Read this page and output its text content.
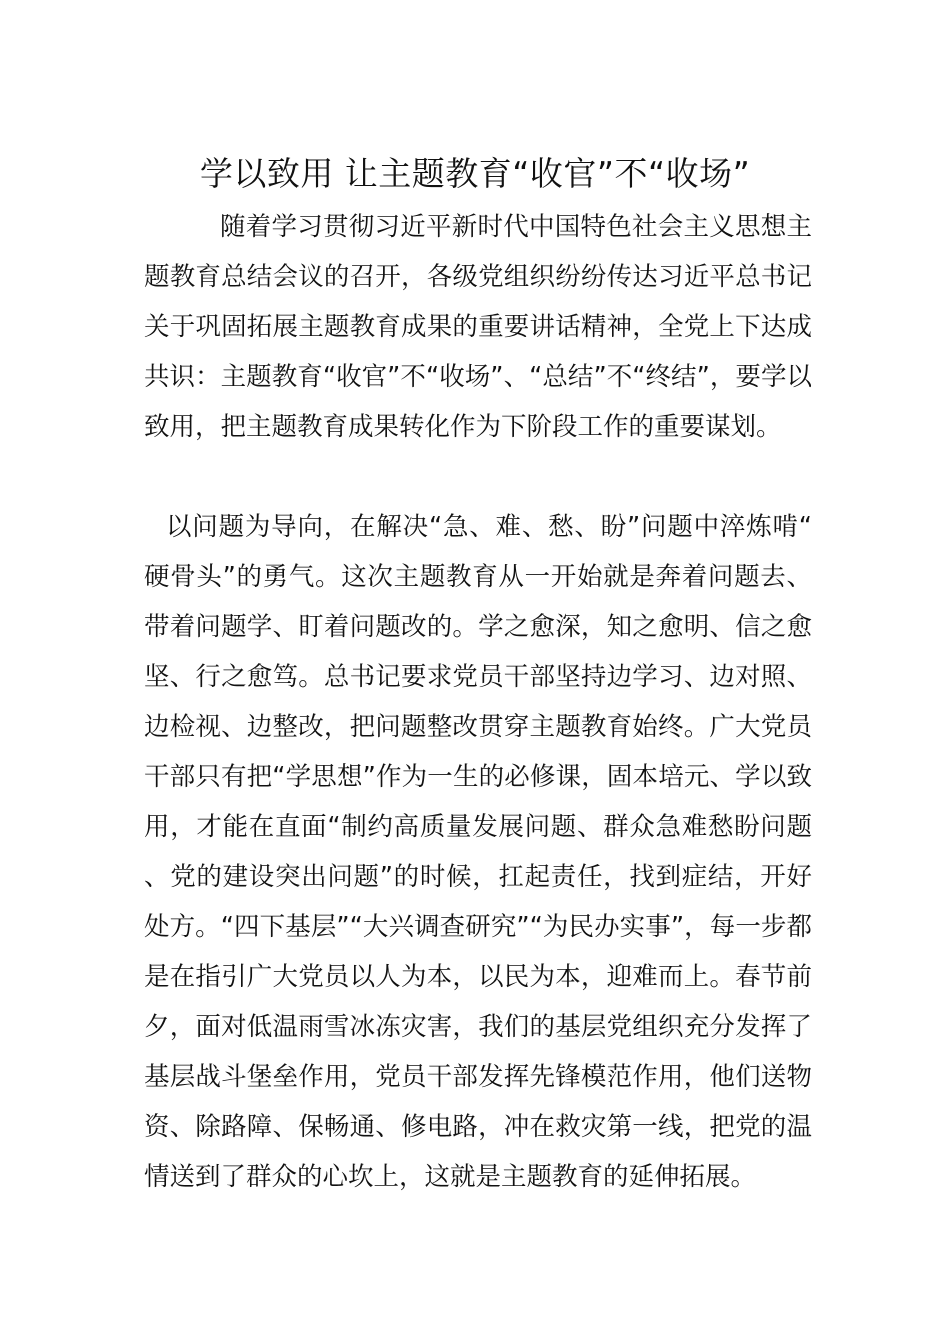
学以致用 让主题教育“收官”不“收场”

随着学习贯彻习近平新时代中国特色社会主义思想主题教育总结会议的召开，各级党组织纷纷传达习近平总书记关于巩固拓展主题教育成果的重要讲话精神，全党上下达成共识：主题教育“收官”不“收场”、“总结”不“终结”，要学以致用，把主题教育成果转化作为下阶段工作的重要谋划。

以问题为导向，在解决“急、难、愁、盼”问题中淬炼啃“硬骨头”的勇气。这次主题教育从一开始就是奔着问题去、带着问题学、盯着问题改的。学之愈深，知之愈明、信之愈坚、行之愈笃。总书记要求党员干部坚持边学习、边对照、边检视、边整改，把问题整改贯穿主题教育始终。广大党员干部只有把“学思想”作为一生的必修课，固本培元、学以致用，才能在直面“制约高质量发展问题、群众急难愁盼问题、党的建设突出问题”的时候，扛起责任，找到症结，开好处方。“四下基层”“大兴调查研究”“为民办实事”，每一步都是在指引广大党员以人为本，以民为本，迎难而上。春节前夕，面对低温雨雪冰冻灾害，我们的基层党组织充分发挥了基层战斗堡垒作用，党员干部发挥先锋模范作用，他们送物资、除路障、保畅通、修电路，冲在救灾第一线，把党的温情送到了群众的心坎上，这就是主题教育的延伸拓展。
